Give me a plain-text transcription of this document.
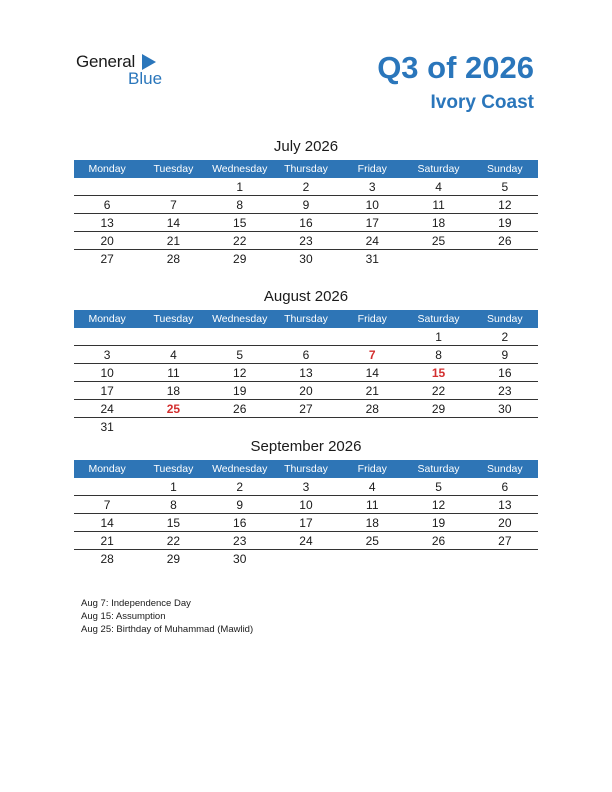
General
Blue	Q3 of 2026
Ivory Coast
July 2026
Monday	Tuesday	Wednesday	Thursday	Friday	Saturday	Sunday
		1	2	3	4	5
6	7	8	9	10	11	12
13	14	15	16	17	18	19
20	21	22	23	24	25	26
27	28	29	30	31		
August 2026
Monday	Tuesday	Wednesday	Thursday	Friday	Saturday	Sunday
					1	2
3	4	5	6	7	8	9
10	11	12	13	14	15	16
17	18	19	20	21	22	23
24	25	26	27	28	29	30
31						
September 2026
Monday	Tuesday	Wednesday	Thursday	Friday	Saturday	Sunday
	1	2	3	4	5	6
7	8	9	10	11	12	13
14	15	16	17	18	19	20
21	22	23	24	25	26	27
28	29	30				
Aug 7: Independence Day
Aug 15: Assumption
Aug 25: Birthday of Muhammad (Mawlid)
